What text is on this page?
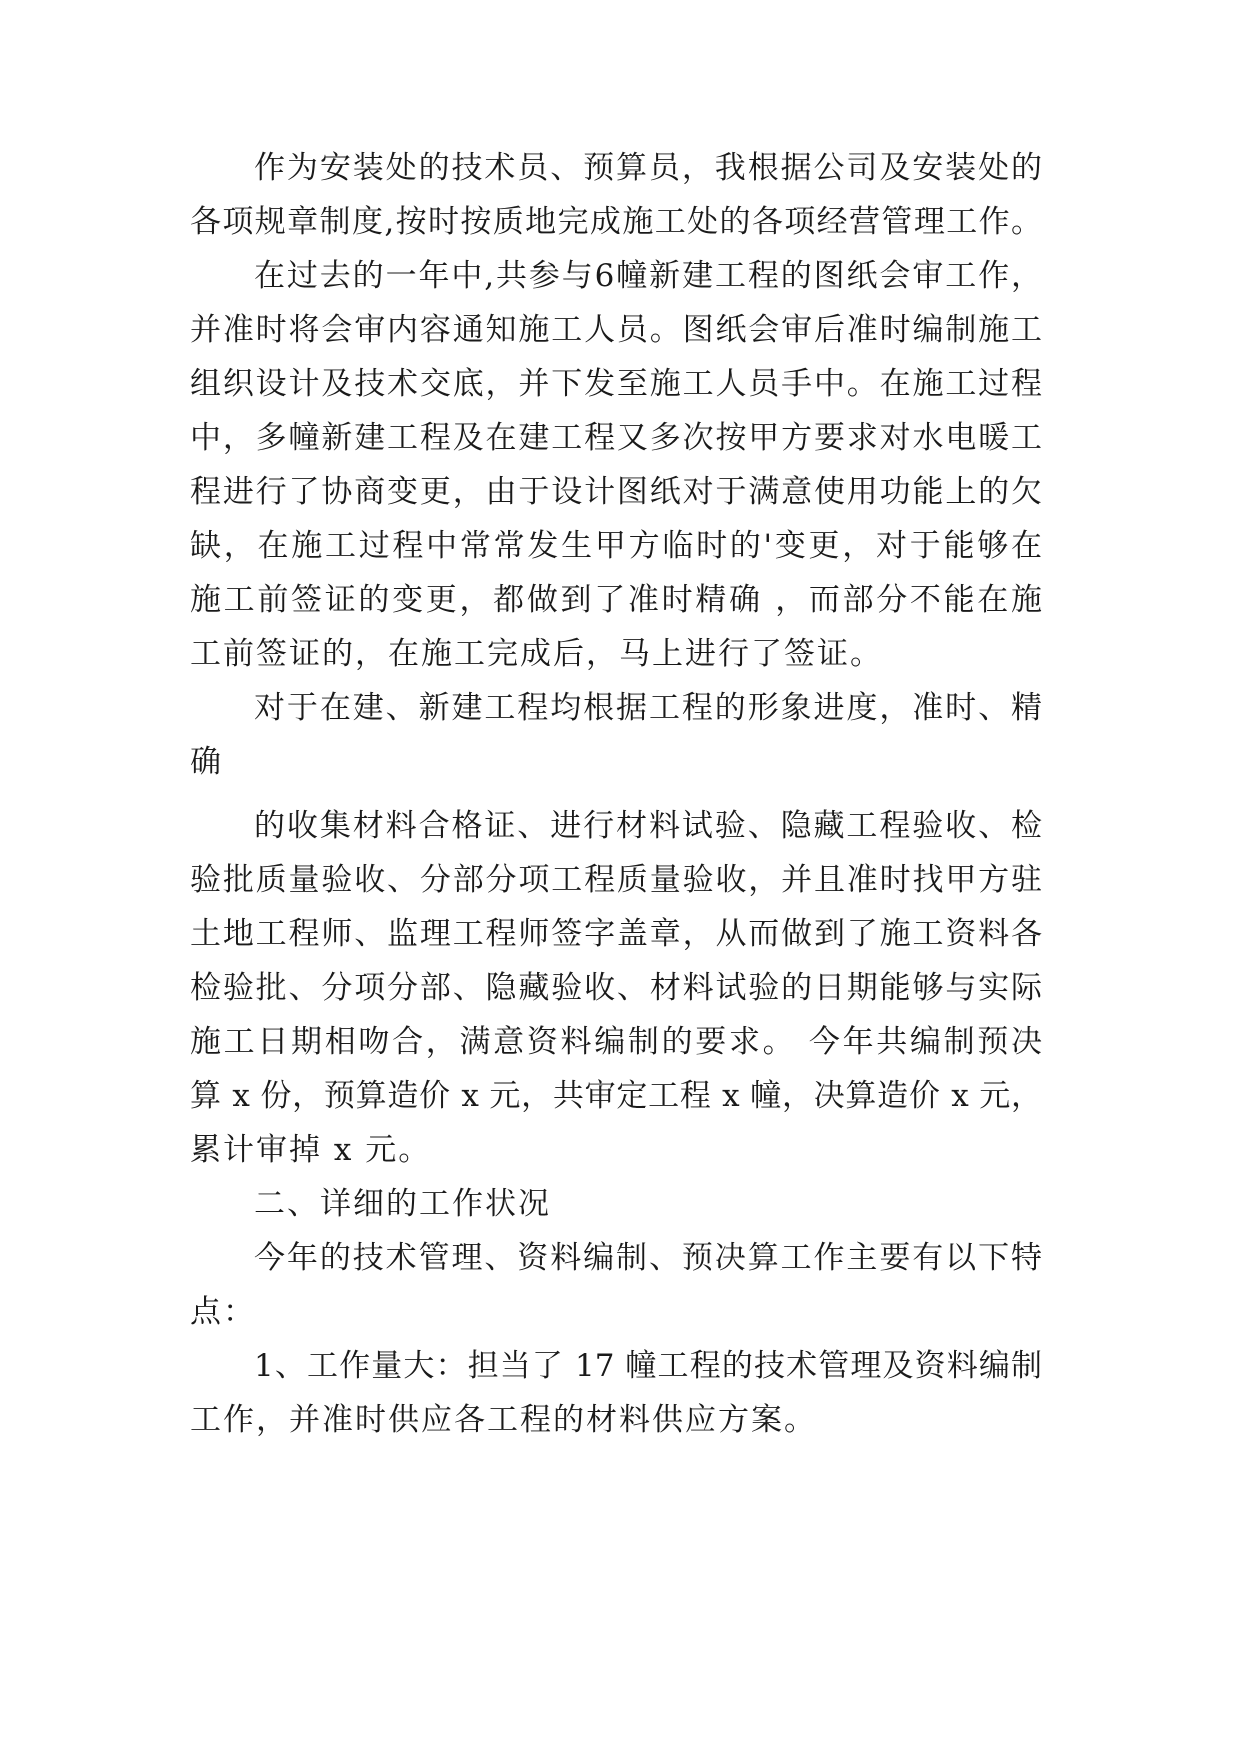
作为安装处的技术员、预算员，我根据公司及安装处的

各项规章制度,按时按质地完成施工处的各项经营管理工作。

在过去的一年中,共参与6幢新建工程的图纸会审工作，

并准时将会审内容通知施工人员。图纸会审后准时编制施工

组织设计及技术交底，并下发至施工人员手中。在施工过程

中，多幢新建工程及在建工程又多次按甲方要求对水电暖工

程进行了协商变更，由于设计图纸对于满意使用功能上的欠

缺，在施工过程中常常发生甲方临时的'变更，对于能够在

施工前签证的变更，都做到了准时精确 ，而部分不能在施

工前签证的，在施工完成后，马上进行了签证。

对于在建、新建工程均根据工程的形象进度，准时、精

确

的收集材料合格证、进行材料试验、隐藏工程验收、检

验批质量验收、分部分项工程质量验收，并且准时找甲方驻

土地工程师、监理工程师签字盖章，从而做到了施工资料各

检验批、分项分部、隐藏验收、材料试验的日期能够与实际

施工日期相吻合，满意资料编制的要求。 今年共编制预决

算 x 份，预算造价 x 元，共审定工程 x 幢，决算造价 x 元，

累计审掉 x 元。

二、详细的工作状况

今年的技术管理、资料编制、预决算工作主要有以下特

点：

1、工作量大：担当了 17 幢工程的技术管理及资料编制

工作，并准时供应各工程的材料供应方案。
